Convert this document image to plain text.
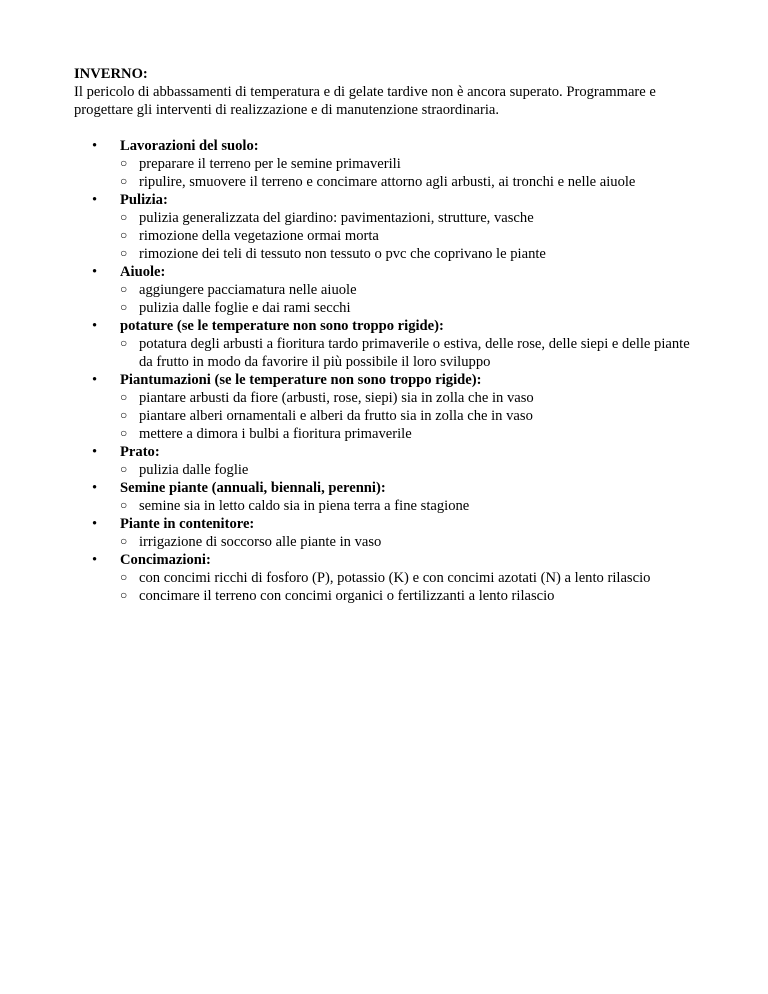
INVERNO:

Il pericolo di abbassamenti di temperatura e di gelate tardive non è ancora superato. Programmare e progettare gli interventi di realizzazione e di manutenzione straordinaria.

• Lavorazioni del suolo:
○ preparare il terreno per le semine primaverili
○ ripulire, smuovere il terreno e concimare attorno agli arbusti, ai tronchi e nelle aiuole
• Pulizia:
○ pulizia generalizzata del giardino: pavimentazioni, strutture, vasche
○ rimozione della vegetazione ormai morta
○ rimozione dei teli di tessuto non tessuto o pvc che coprivano le piante
• Aiuole:
○ aggiungere pacciamatura nelle aiuole
○ pulizia dalle foglie e dai rami secchi
• potature (se le temperature non sono troppo rigide):
○ potatura degli arbusti a fioritura tardo primaverile o estiva, delle rose, delle siepi e delle piante da frutto in modo da favorire il più possibile il loro sviluppo
• Piantumazioni (se le temperature non sono troppo rigide):
○ piantare arbusti da fiore (arbusti, rose, siepi) sia in zolla che in vaso
○ piantare alberi ornamentali e alberi da frutto sia in zolla che in vaso
○ mettere a dimora i bulbi a fioritura primaverile
• Prato:
○ pulizia dalle foglie
• Semine piante (annuali, biennali, perenni):
○ semine sia in letto caldo sia in piena terra a fine stagione
• Piante in contenitore:
○ irrigazione di soccorso alle piante in vaso
• Concimazioni:
○ con concimi ricchi di fosforo (P), potassio (K) e con concimi azotati (N) a lento rilascio
○ concimare il terreno con concimi organici o fertilizzanti a lento rilascio
